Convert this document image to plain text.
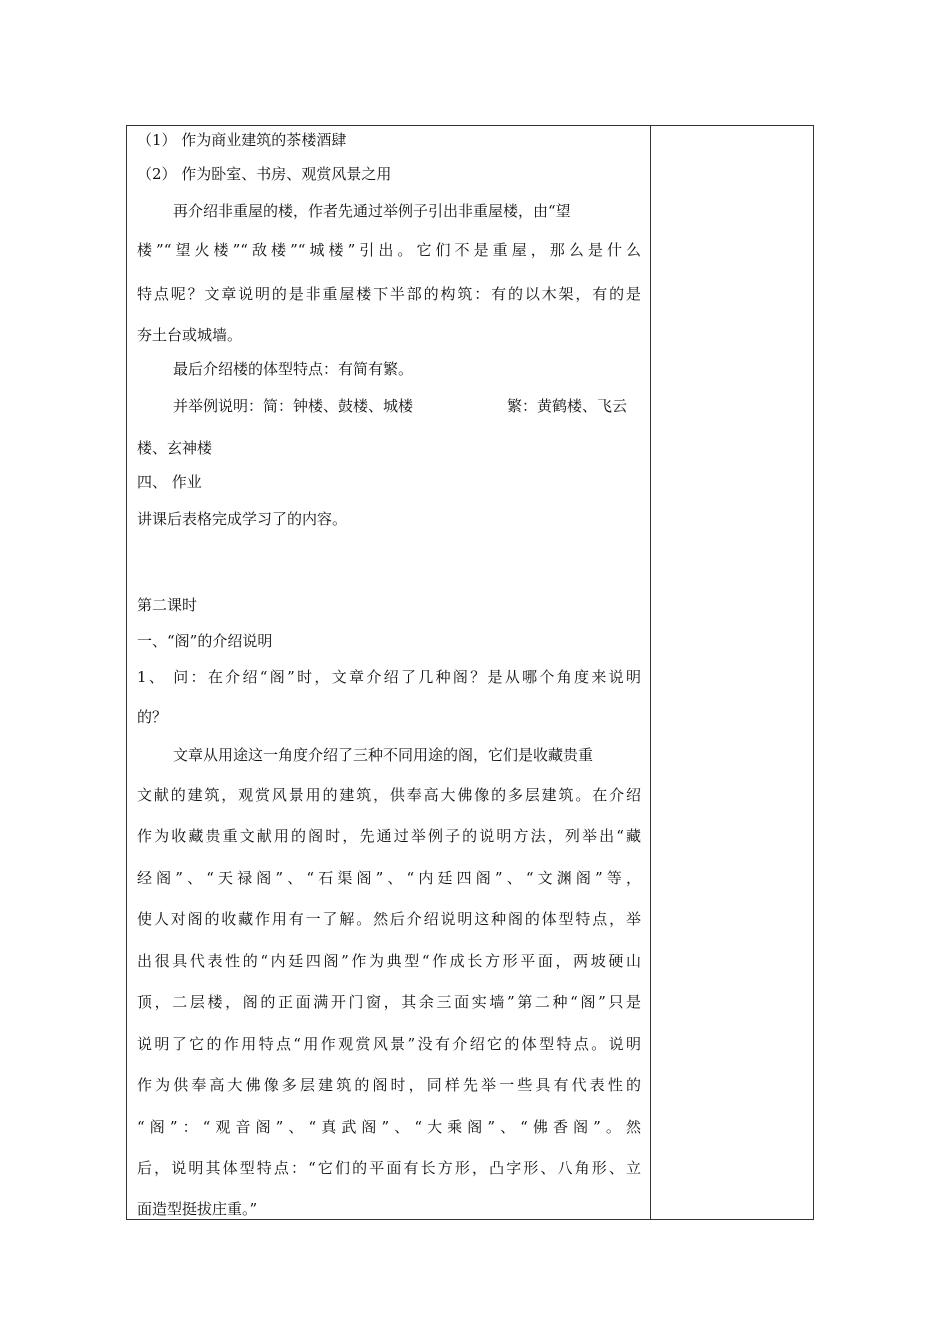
（1） 作为商业建筑的茶楼酒肆
（2） 作为卧室、书房、观赏风景之用
再介绍非重屋的楼，作者先通过举例子引出非重屋楼，由“望
楼”“望火楼”“敌楼”“城楼”引出。它们不是重屋，那么是什么
特点呢？文章说明的是非重屋楼下半部的构筑：有的以木架，有的是
夯土台或城墙。
最后介绍楼的体型特点：有简有繁。
并举例说明：简：钟楼、鼓楼、城楼	繁：黄鹤楼、飞云
楼、玄神楼
四、 作业
讲课后表格完成学习了的内容。
第二课时
一、“阁”的介绍说明
1、 问：在介绍“阁”时，文章介绍了几种阁？是从哪个角度来说明
的？
文章从用途这一角度介绍了三种不同用途的阁，它们是收藏贵重
文献的建筑，观赏风景用的建筑，供奉高大佛像的多层建筑。在介绍
作为收藏贵重文献用的阁时，先通过举例子的说明方法，列举出“藏
经阁”、“天禄阁”、“石渠阁”、“内廷四阁”、“文渊阁”等，
使人对阁的收藏作用有一了解。然后介绍说明这种阁的体型特点，举
出很具代表性的“内廷四阁”作为典型“作成长方形平面，两坡硬山
顶，二层楼，阁的正面满开门窗，其余三面实墙”第二种“阁”只是
说明了它的作用特点“用作观赏风景”没有介绍它的体型特点。说明
作为供奉高大佛像多层建筑的阁时，同样先举一些具有代表性的
“阁”：“观音阁”、“真武阁”、“大乘阁”、“佛香阁”。然
后，说明其体型特点：“它们的平面有长方形，凸字形、八角形、立
面造型挺拔庄重。”
